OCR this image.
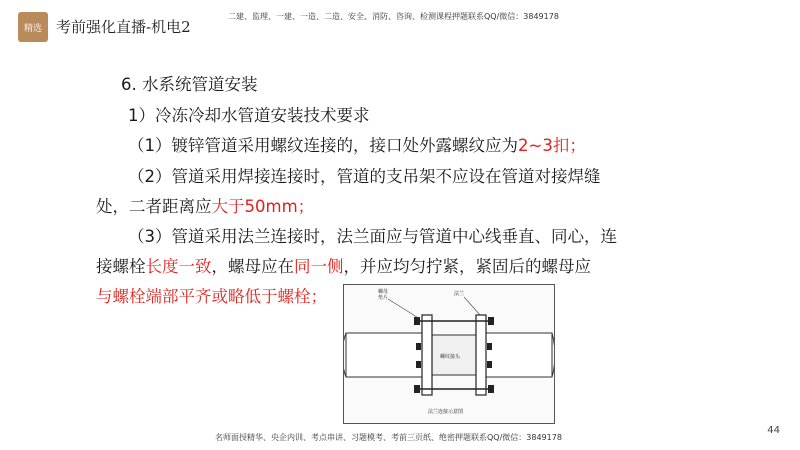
精选 考前强化直播-机电2
二建、监理、一建、一造、二造、安全、消防、咨询、检测课程押题联系QQ/微信：3849178
6. 水系统管道安装
1）冷冻冷却水管道安装技术要求
（1）镀锌管道采用螺纹连接的，接口处外露螺纹应为2~3扣；
（2）管道采用焊接连接时，管道的支吊架不应设在管道对接焊缝
处，二者距离应大于50mm；
（3）管道采用法兰连接时，法兰面应与管道中心线垂直、同心，连
接螺栓长度一致，螺母应在同一侧，并应均匀拧紧，紧固后的螺母应
与螺栓端部平齐或略低于螺栓；	螺母
垫片
法兰
螺纹接头
法兰连接示意图
44
名师面授精华、央企内训、考点串讲、习题模考、考前三页纸、绝密押题联系QQ/微信：3849178
